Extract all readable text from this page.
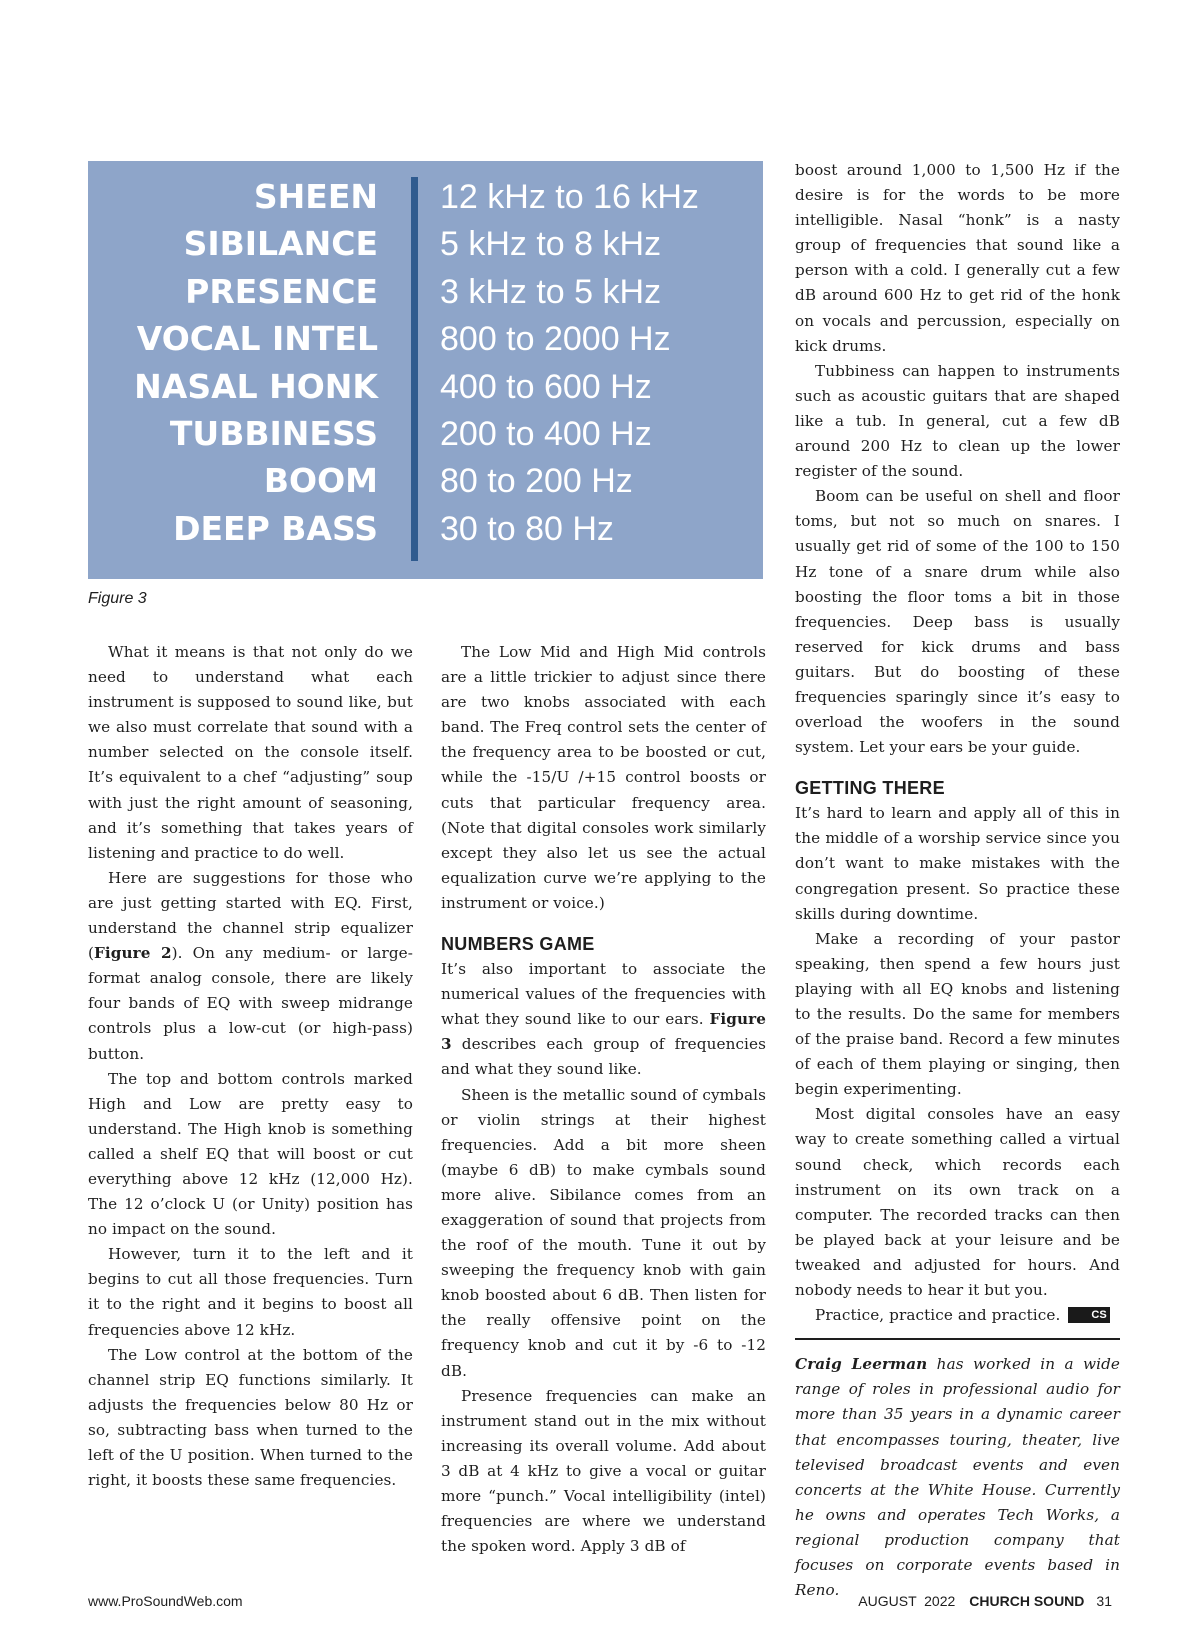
SHEEN 12 kHz to 16 kHz
SIBILANCE 5 kHz to 8 kHz
PRESENCE 3 kHz to 5 kHz
VOCAL INTEL 800 to 2000 Hz
NASAL HONK 400 to 600 Hz
TUBBINESS 200 to 400 Hz
BOOM 80 to 200 Hz
DEEP BASS 30 to 80 Hz
Figure 3

What it means is that not only do we need to understand what each instrument is supposed to sound like, but we also must correlate that sound with a number selected on the console itself. It’s equivalent to a chef “adjusting” soup with just the right amount of seasoning, and it’s something that takes years of listening and practice to do well.

Here are suggestions for those who are just getting started with EQ. First, understand the channel strip equalizer (Figure 2). On any medium- or large-format analog console, there are likely four bands of EQ with sweep midrange controls plus a low-cut (or high-pass) button.

The top and bottom controls marked High and Low are pretty easy to understand. The High knob is something called a shelf EQ that will boost or cut everything above 12 kHz (12,000 Hz). The 12 o’clock U (or Unity) position has no impact on the sound.

However, turn it to the left and it begins to cut all those frequencies. Turn it to the right and it begins to boost all frequencies above 12 kHz.

The Low control at the bottom of the channel strip EQ functions similarly. It adjusts the frequencies below 80 Hz or so, subtracting bass when turned to the left of the U position. When turned to the right, it boosts these same frequencies.

The Low Mid and High Mid controls are a little trickier to adjust since there are two knobs associated with each band. The Freq control sets the center of the frequency area to be boosted or cut, while the -15/U /+15 control boosts or cuts that particular frequency area. (Note that digital consoles work similarly except they also let us see the actual equalization curve we’re applying to the instrument or voice.)

NUMBERS GAME

It’s also important to associate the numerical values of the frequencies with what they sound like to our ears. Figure 3 describes each group of frequencies and what they sound like.

Sheen is the metallic sound of cymbals or violin strings at their highest frequencies. Add a bit more sheen (maybe 6 dB) to make cymbals sound more alive. Sibilance comes from an exaggeration of sound that projects from the roof of the mouth. Tune it out by sweeping the frequency knob with gain knob boosted about 6 dB. Then listen for the really offensive point on the frequency knob and cut it by -6 to -12 dB.

Presence frequencies can make an instrument stand out in the mix without increasing its overall volume. Add about 3 dB at 4 kHz to give a vocal or guitar more “punch.” Vocal intelligibility (intel) frequencies are where we understand the spoken word. Apply 3 dB of

boost around 1,000 to 1,500 Hz if the desire is for the words to be more intelligible. Nasal “honk” is a nasty group of frequencies that sound like a person with a cold. I generally cut a few dB around 600 Hz to get rid of the honk on vocals and percussion, especially on kick drums.

Tubbiness can happen to instruments such as acoustic guitars that are shaped like a tub. In general, cut a few dB around 200 Hz to clean up the lower register of the sound.

Boom can be useful on shell and floor toms, but not so much on snares. I usually get rid of some of the 100 to 150 Hz tone of a snare drum while also boosting the floor toms a bit in those frequencies. Deep bass is usually reserved for kick drums and bass guitars. But do boosting of these frequencies sparingly since it’s easy to overload the woofers in the sound system. Let your ears be your guide.

GETTING THERE

It’s hard to learn and apply all of this in the middle of a worship service since you don’t want to make mistakes with the congregation present. So practice these skills during downtime.

Make a recording of your pastor speaking, then spend a few hours just playing with all EQ knobs and listening to the results. Do the same for members of the praise band. Record a few minutes of each of them playing or singing, then begin experimenting.

Most digital consoles have an easy way to create something called a virtual sound check, which records each instrument on its own track on a computer. The recorded tracks can then be played back at your leisure and be tweaked and adjusted for hours. And nobody needs to hear it but you.

Practice, practice and practice.	CS

Craig Leerman has worked in a wide range of roles in professional audio for more than 35 years in a dynamic career that encompasses touring, theater, live televised broadcast events and even concerts at the White House. Currently he owns and operates Tech Works, a regional production company that focuses on corporate events based in Reno.

www.ProSoundWeb.com	AUGUST  2022 CHURCH SOUND 31
